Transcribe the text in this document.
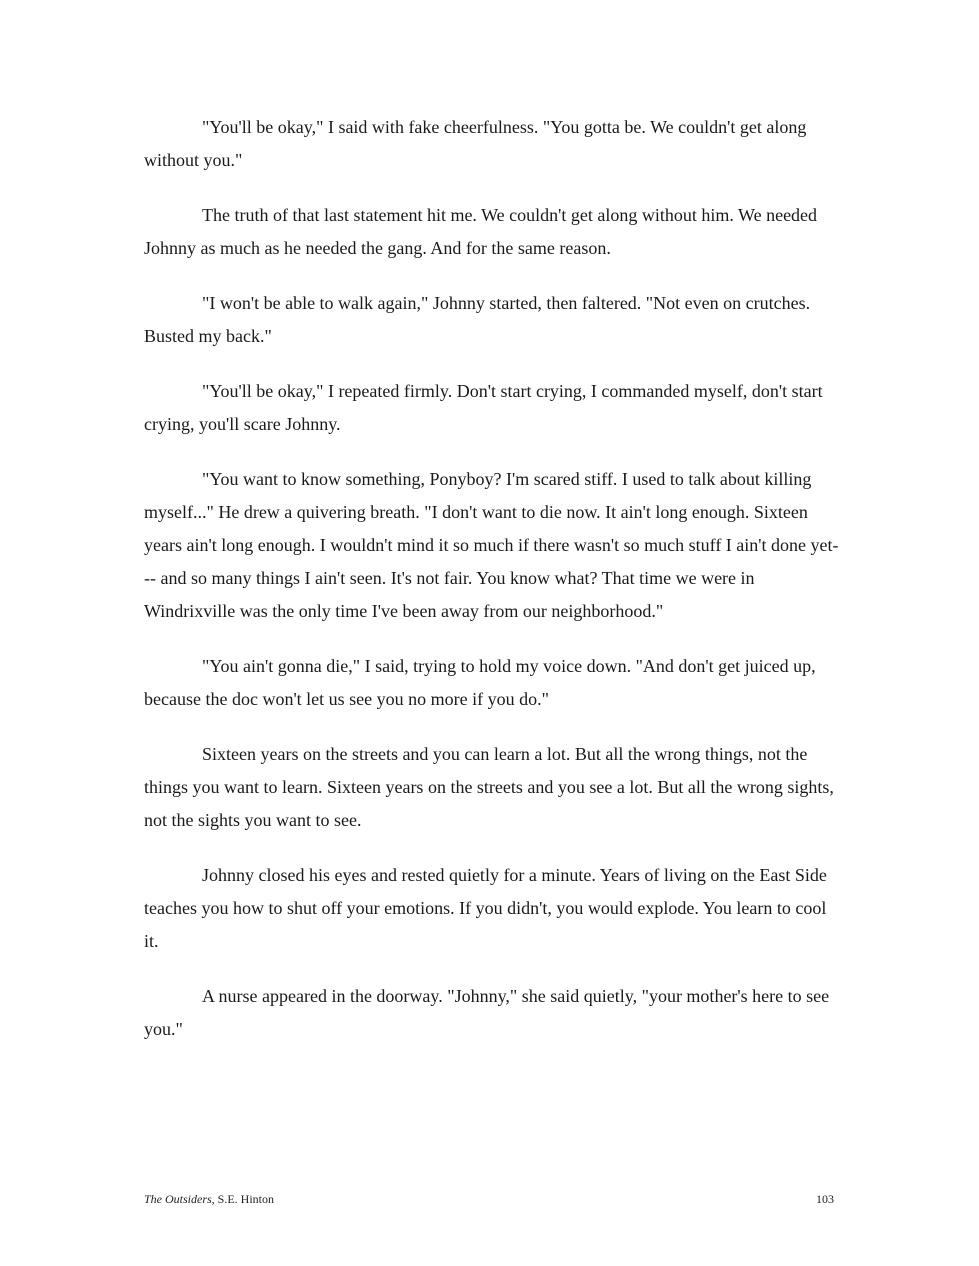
"You'll be okay," I said with fake cheerfulness. "You gotta be. We couldn't get along without you."

The truth of that last statement hit me. We couldn't get along without him. We needed Johnny as much as he needed the gang. And for the same reason.

"I won't be able to walk again," Johnny started, then faltered. "Not even on crutches. Busted my back."

"You'll be okay," I repeated firmly. Don't start crying, I commanded myself, don't start crying, you'll scare Johnny.

"You want to know something, Ponyboy? I'm scared stiff. I used to talk about killing myself..." He drew a quivering breath. "I don't want to die now. It ain't long enough. Sixteen years ain't long enough. I wouldn't mind it so much if there wasn't so much stuff I ain't done yet--- and so many things I ain't seen. It's not fair. You know what? That time we were in Windrixville was the only time I've been away from our neighborhood."

"You ain't gonna die," I said, trying to hold my voice down. "And don't get juiced up, because the doc won't let us see you no more if you do."

Sixteen years on the streets and you can learn a lot. But all the wrong things, not the things you want to learn. Sixteen years on the streets and you see a lot. But all the wrong sights, not the sights you want to see.

Johnny closed his eyes and rested quietly for a minute. Years of living on the East Side teaches you how to shut off your emotions. If you didn't, you would explode. You learn to cool it.

A nurse appeared in the doorway. "Johnny," she said quietly, "your mother's here to see you."

The Outsiders, S.E. Hinton	103
